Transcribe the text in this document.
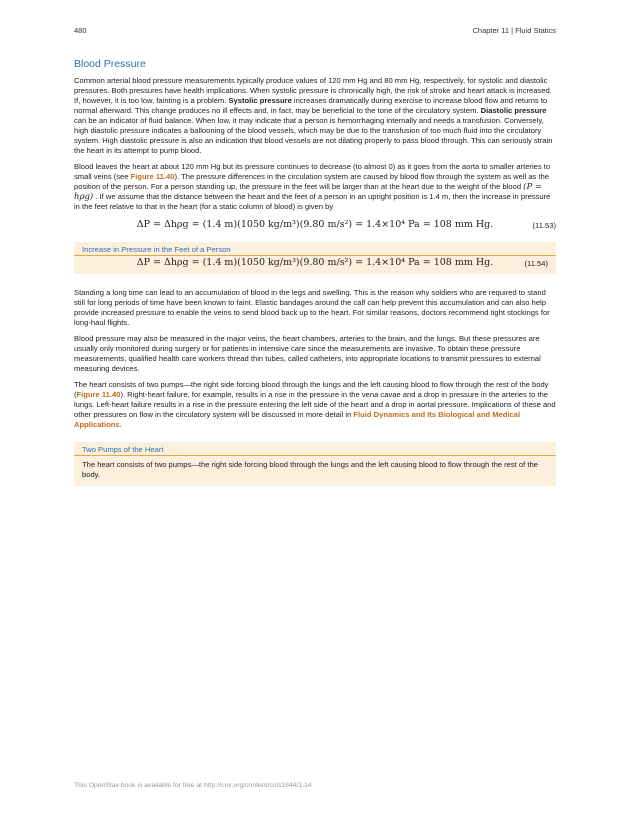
480	Chapter 11 | Fluid Statics
Blood Pressure

Common arterial blood pressure measurements typically produce values of 120 mm Hg and 80 mm Hg, respectively, for systolic and diastolic pressures. Both pressures have health implications. When systolic pressure is chronically high, the risk of stroke and heart attack is increased. If, however, it is too low, fainting is a problem. Systolic pressure increases dramatically during exercise to increase blood flow and returns to normal afterward. This change produces no ill effects and, in fact, may be beneficial to the tone of the circulatory system. Diastolic pressure can be an indicator of fluid balance. When low, it may indicate that a person is hemorrhaging internally and needs a transfusion. Conversely, high diastolic pressure indicates a ballooning of the blood vessels, which may be due to the transfusion of too much fluid into the circulatory system. High diastolic pressure is also an indication that blood vessels are not dilating properly to pass blood through. This can seriously strain the heart in its attempt to pump blood.

Blood leaves the heart at about 120 mm Hg but its pressure continues to decrease (to almost 0) as it goes from the aorta to smaller arteries to small veins (see Figure 11.40). The pressure differences in the circulation system are caused by blood flow through the system as well as the position of the person. For a person standing up, the pressure in the feet will be larger than at the heart due to the weight of the blood (P = hρg) . If we assume that the distance between the heart and the feet of a person in an upright position is 1.4 m, then the increase in pressure in the feet relative to that in the heart (for a static column of blood) is given by

ΔP = Δhρg = (1.4 m)(1050 kg/m³)(9.80 m/s²) = 1.4×10⁴ Pa = 108 mm Hg.	(11.53)
Increase in Pressure in the Feet of a Person
ΔP = Δhρg = (1.4 m)(1050 kg/m³)(9.80 m/s²) = 1.4×10⁴ Pa = 108 mm Hg.	(11.54)

Standing a long time can lead to an accumulation of blood in the legs and swelling. This is the reason why soldiers who are required to stand still for long periods of time have been known to faint. Elastic bandages around the calf can help prevent this accumulation and can also help provide increased pressure to enable the veins to send blood back up to the heart. For similar reasons, doctors recommend tight stockings for long-haul flights.

Blood pressure may also be measured in the major veins, the heart chambers, arteries to the brain, and the lungs. But these pressures are usually only monitored during surgery or for patients in intensive care since the measurements are invasive. To obtain these pressure measurements, qualified health care workers thread thin tubes, called catheters, into appropriate locations to transmit pressures to external measuring devices.

The heart consists of two pumps—the right side forcing blood through the lungs and the left causing blood to flow through the rest of the body (Figure 11.40). Right-heart failure, for example, results in a rise in the pressure in the vena cavae and a drop in pressure in the arteries to the lungs. Left-heart failure results in a rise in the pressure entering the left side of the heart and a drop in aortal pressure. Implications of these and other pressures on flow in the circulatory system will be discussed in more detail in Fluid Dynamics and Its Biological and Medical Applications.

Two Pumps of the Heart

The heart consists of two pumps—the right side forcing blood through the lungs and the left causing blood to flow through the rest of the body.

This OpenStax book is available for free at http://cnx.org/content/col11844/1.14
